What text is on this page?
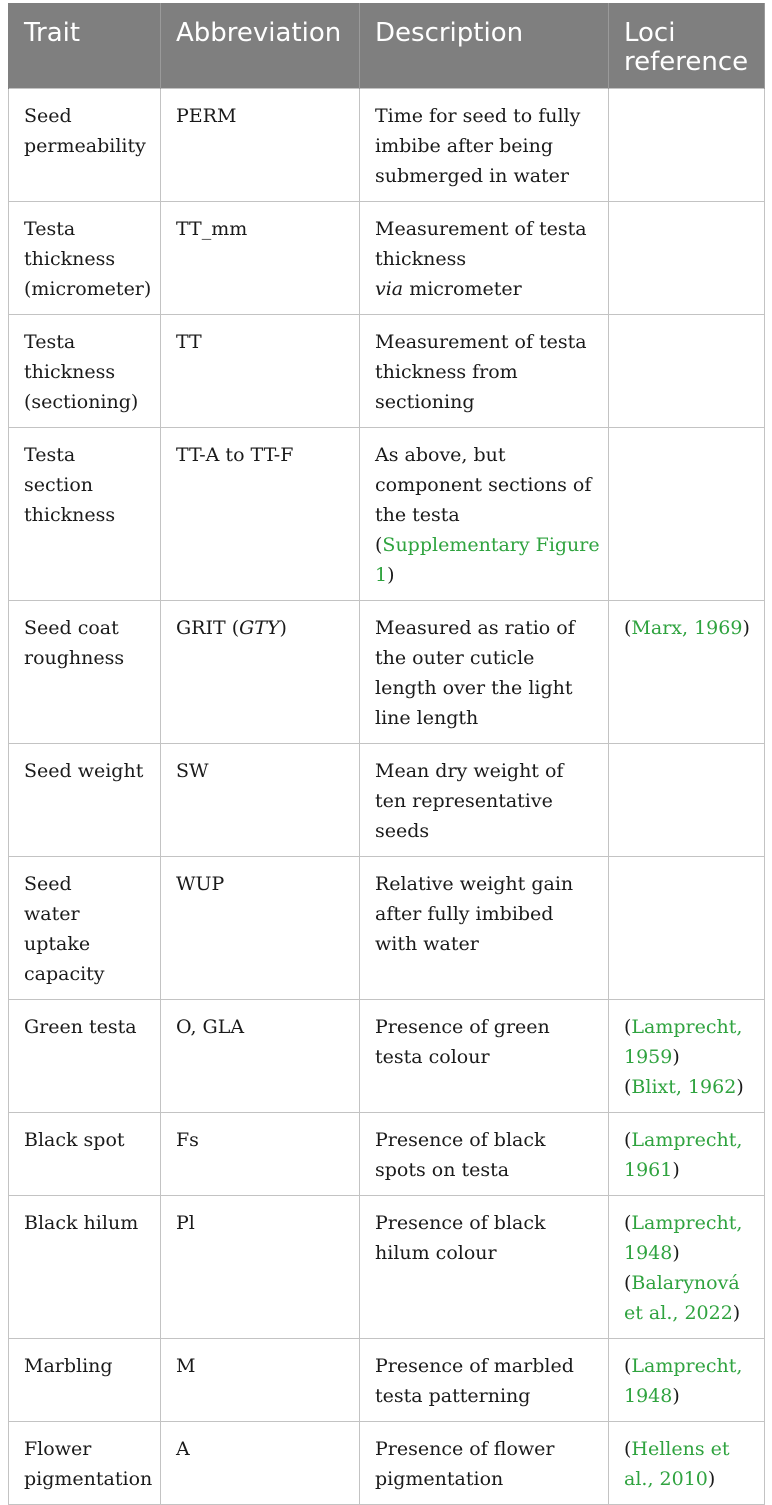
Trait	Abbreviation	Description	Loci reference
Seed permeability	PERM	Time for seed to fully imbibe after being submerged in water	
Testa thickness (micrometer)	TT_mm	Measurement of testa thickness
via micrometer	
Testa thickness (sectioning)	TT	Measurement of testa thickness from sectioning	
Testa section thickness	TT-A to TT-F	As above, but component sections of the testa
(Supplementary Figure 1)	
Seed coat roughness	GRIT (GTY)	Measured as ratio of the outer cuticle length over the light line length	(Marx, 1969)
Seed weight	SW	Mean dry weight of ten representative seeds	
Seed water uptake capacity	WUP	Relative weight gain after fully imbibed with water	
Green testa	O, GLA	Presence of green testa colour	(Lamprecht, 1959)
(Blixt, 1962)
Black spot	Fs	Presence of black spots on testa	(Lamprecht, 1961)
Black hilum	Pl	Presence of black hilum colour	(Lamprecht, 1948)
(Balarynová et al., 2022)
Marbling	M	Presence of marbled testa patterning	(Lamprecht, 1948)
Flower pigmentation	A	Presence of flower pigmentation	(Hellens et al., 2010)
